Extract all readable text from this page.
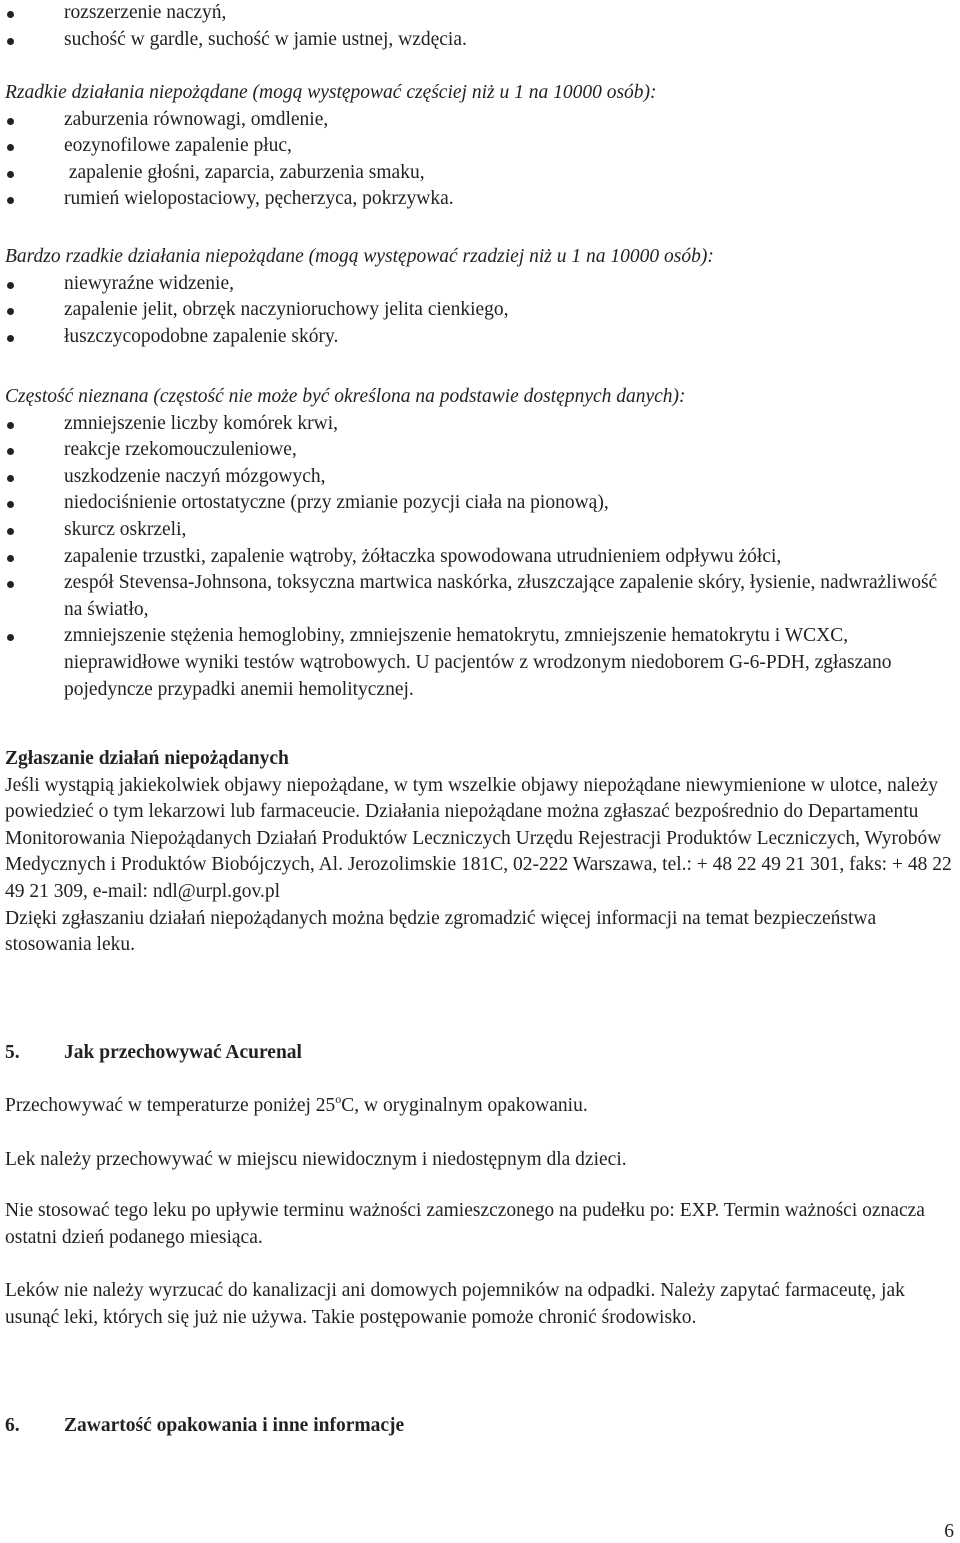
rozszerzenie naczyń,
suchość w gardle, suchość w jamie ustnej, wzdęcia.
Rzadkie działania niepożądane (mogą występować częściej niż u 1 na 10000 osób):
zaburzenia równowagi, omdlenie,
eozynofilowe zapalenie płuc,
zapalenie głośni, zaparcia, zaburzenia smaku,
rumień wielopostaciowy, pęcherzyca, pokrzywka.
Bardzo rzadkie działania niepożądane (mogą występować rzadziej niż u 1 na 10000 osób):
niewyraźne widzenie,
zapalenie jelit, obrzęk naczynioruchowy jelita cienkiego,
łuszczycopodobne zapalenie skóry.
Częstość nieznana (częstość nie może być określona na podstawie dostępnych danych):
zmniejszenie liczby komórek krwi,
reakcje rzekomouczuleniowe,
uszkodzenie naczyń mózgowych,
niedociśnienie ortostatyczne (przy zmianie pozycji ciała na pionową),
skurcz oskrzeli,
zapalenie trzustki, zapalenie wątroby, żółtaczka spowodowana utrudnieniem odpływu żółci,
zespół Stevensa-Johnsona, toksyczna martwica naskórka, złuszczające zapalenie skóry, łysienie, nadwrażliwość na światło,
zmniejszenie stężenia hemoglobiny, zmniejszenie hematokrytu, zmniejszenie hematokrytu i WCXC, nieprawidłowe wyniki testów wątrobowych. U pacjentów z wrodzonym niedoborem G-6-PDH, zgłaszano pojedyncze przypadki anemii hemolitycznej.
Zgłaszanie działań niepożądanych
Jeśli wystąpią jakiekolwiek objawy niepożądane, w tym wszelkie objawy niepożądane niewymienione w ulotce, należy powiedzieć o tym lekarzowi lub farmaceucie. Działania niepożądane można zgłaszać bezpośrednio do Departamentu Monitorowania Niepożądanych Działań Produktów Leczniczych Urzędu Rejestracji Produktów Leczniczych, Wyrobów Medycznych i Produktów Biobójczych, Al. Jerozolimskie 181C, 02-222 Warszawa, tel.: + 48 22 49 21 301, faks: + 48 22 49 21 309, e-mail: ndl@urpl.gov.pl
Dzięki zgłaszaniu działań niepożądanych można będzie zgromadzić więcej informacji na temat bezpieczeństwa stosowania leku.
5. Jak przechowywać Acurenal
Przechowywać w temperaturze poniżej 25$^o$C, w oryginalnym opakowaniu.
Lek należy przechowywać w miejscu niewidocznym i niedostępnym dla dzieci.
Nie stosować tego leku po upływie terminu ważności zamieszczonego na pudełku po: EXP. Termin ważności oznacza ostatni dzień podanego miesiąca.
Leków nie należy wyrzucać do kanalizacji ani domowych pojemników na odpadki. Należy zapytać farmaceutę, jak usunąć leki, których się już nie używa. Takie postępowanie pomoże chronić środowisko.
6. Zawartość opakowania i inne informacje
6
